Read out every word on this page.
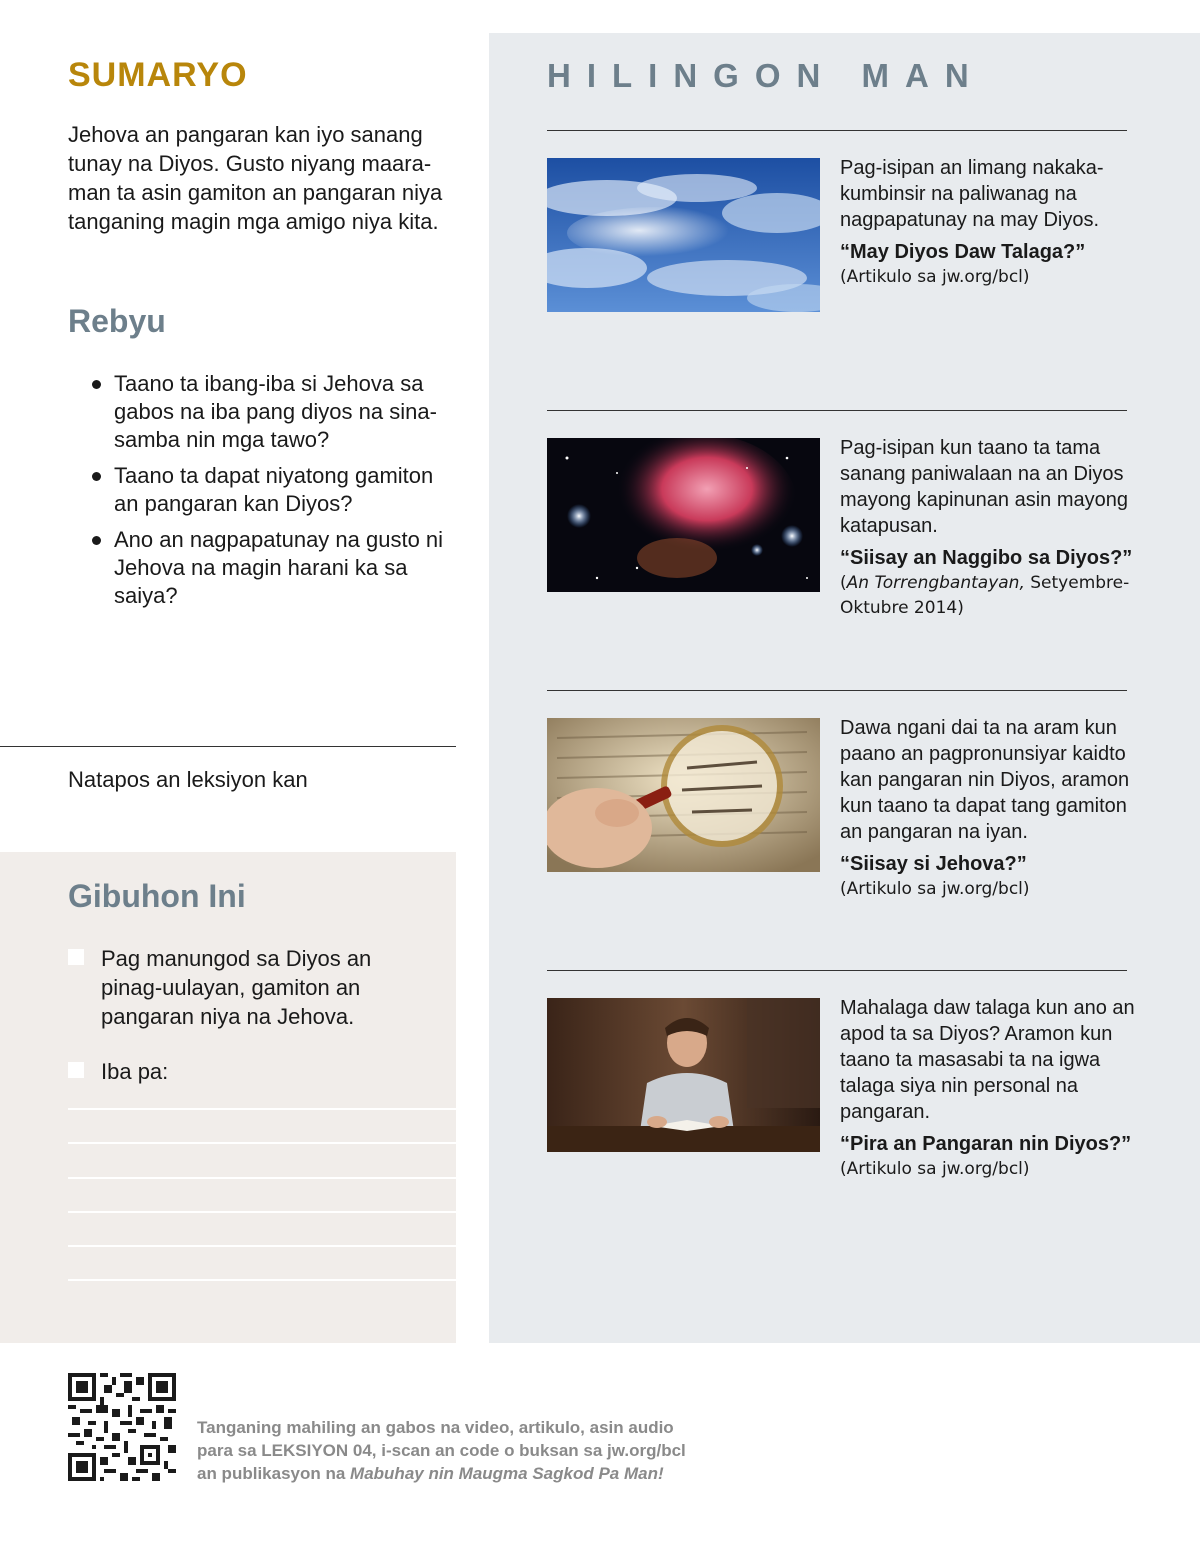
SUMARYO

Jehova an pangaran kan iyo sanang tunay na Diyos. Gusto niyang maara-man ta asin gamiton an pangaran niya tanganing magin mga amigo niya kita.

Rebyu
Taano ta ibang-iba si Jehova sa gabos na iba pang diyos na sina-samba nin mga tawo?
Taano ta dapat niyatong gamiton an pangaran kan Diyos?
Ano an nagpapatunay na gusto ni Jehova na magin harani ka sa saiya?
Natapos an leksiyon kan
Gibuhon Ini
Pag manungod sa Diyos an pinag-uulayan, gamiton an pangaran niya na Jehova.
Iba pa:
HILINGON MAN
Pag-isipan an limang nakaka-kumbinsir na paliwanag na nagpapatunay na may Diyos.
“May Diyos Daw Talaga?”
(Artikulo sa jw.org/bcl)
Pag-isipan kun taano ta tama sanang paniwalaan na an Diyos mayong kapinunan asin mayong katapusan.
“Siisay an Naggibo sa Diyos?”
(An Torrengbantayan, Setyembre-Oktubre 2014)
Dawa ngani dai ta na aram kun paano an pagpronunsiyar kaidto kan pangaran nin Diyos, aramon kun taano ta dapat tang gamiton an pangaran na iyan.
“Siisay si Jehova?”
(Artikulo sa jw.org/bcl)
Mahalaga daw talaga kun ano an apod ta sa Diyos? Aramon kun taano ta masasabi ta na igwa talaga siya nin personal na pangaran.
“Pira an Pangaran nin Diyos?”
(Artikulo sa jw.org/bcl)
Tanganing mahiling an gabos na video, artikulo, asin audio
para sa LEKSIYON 04, i-scan an code o buksan sa jw.org/bcl
an publikasyon na Mabuhay nin Maugma Sagkod Pa Man!
